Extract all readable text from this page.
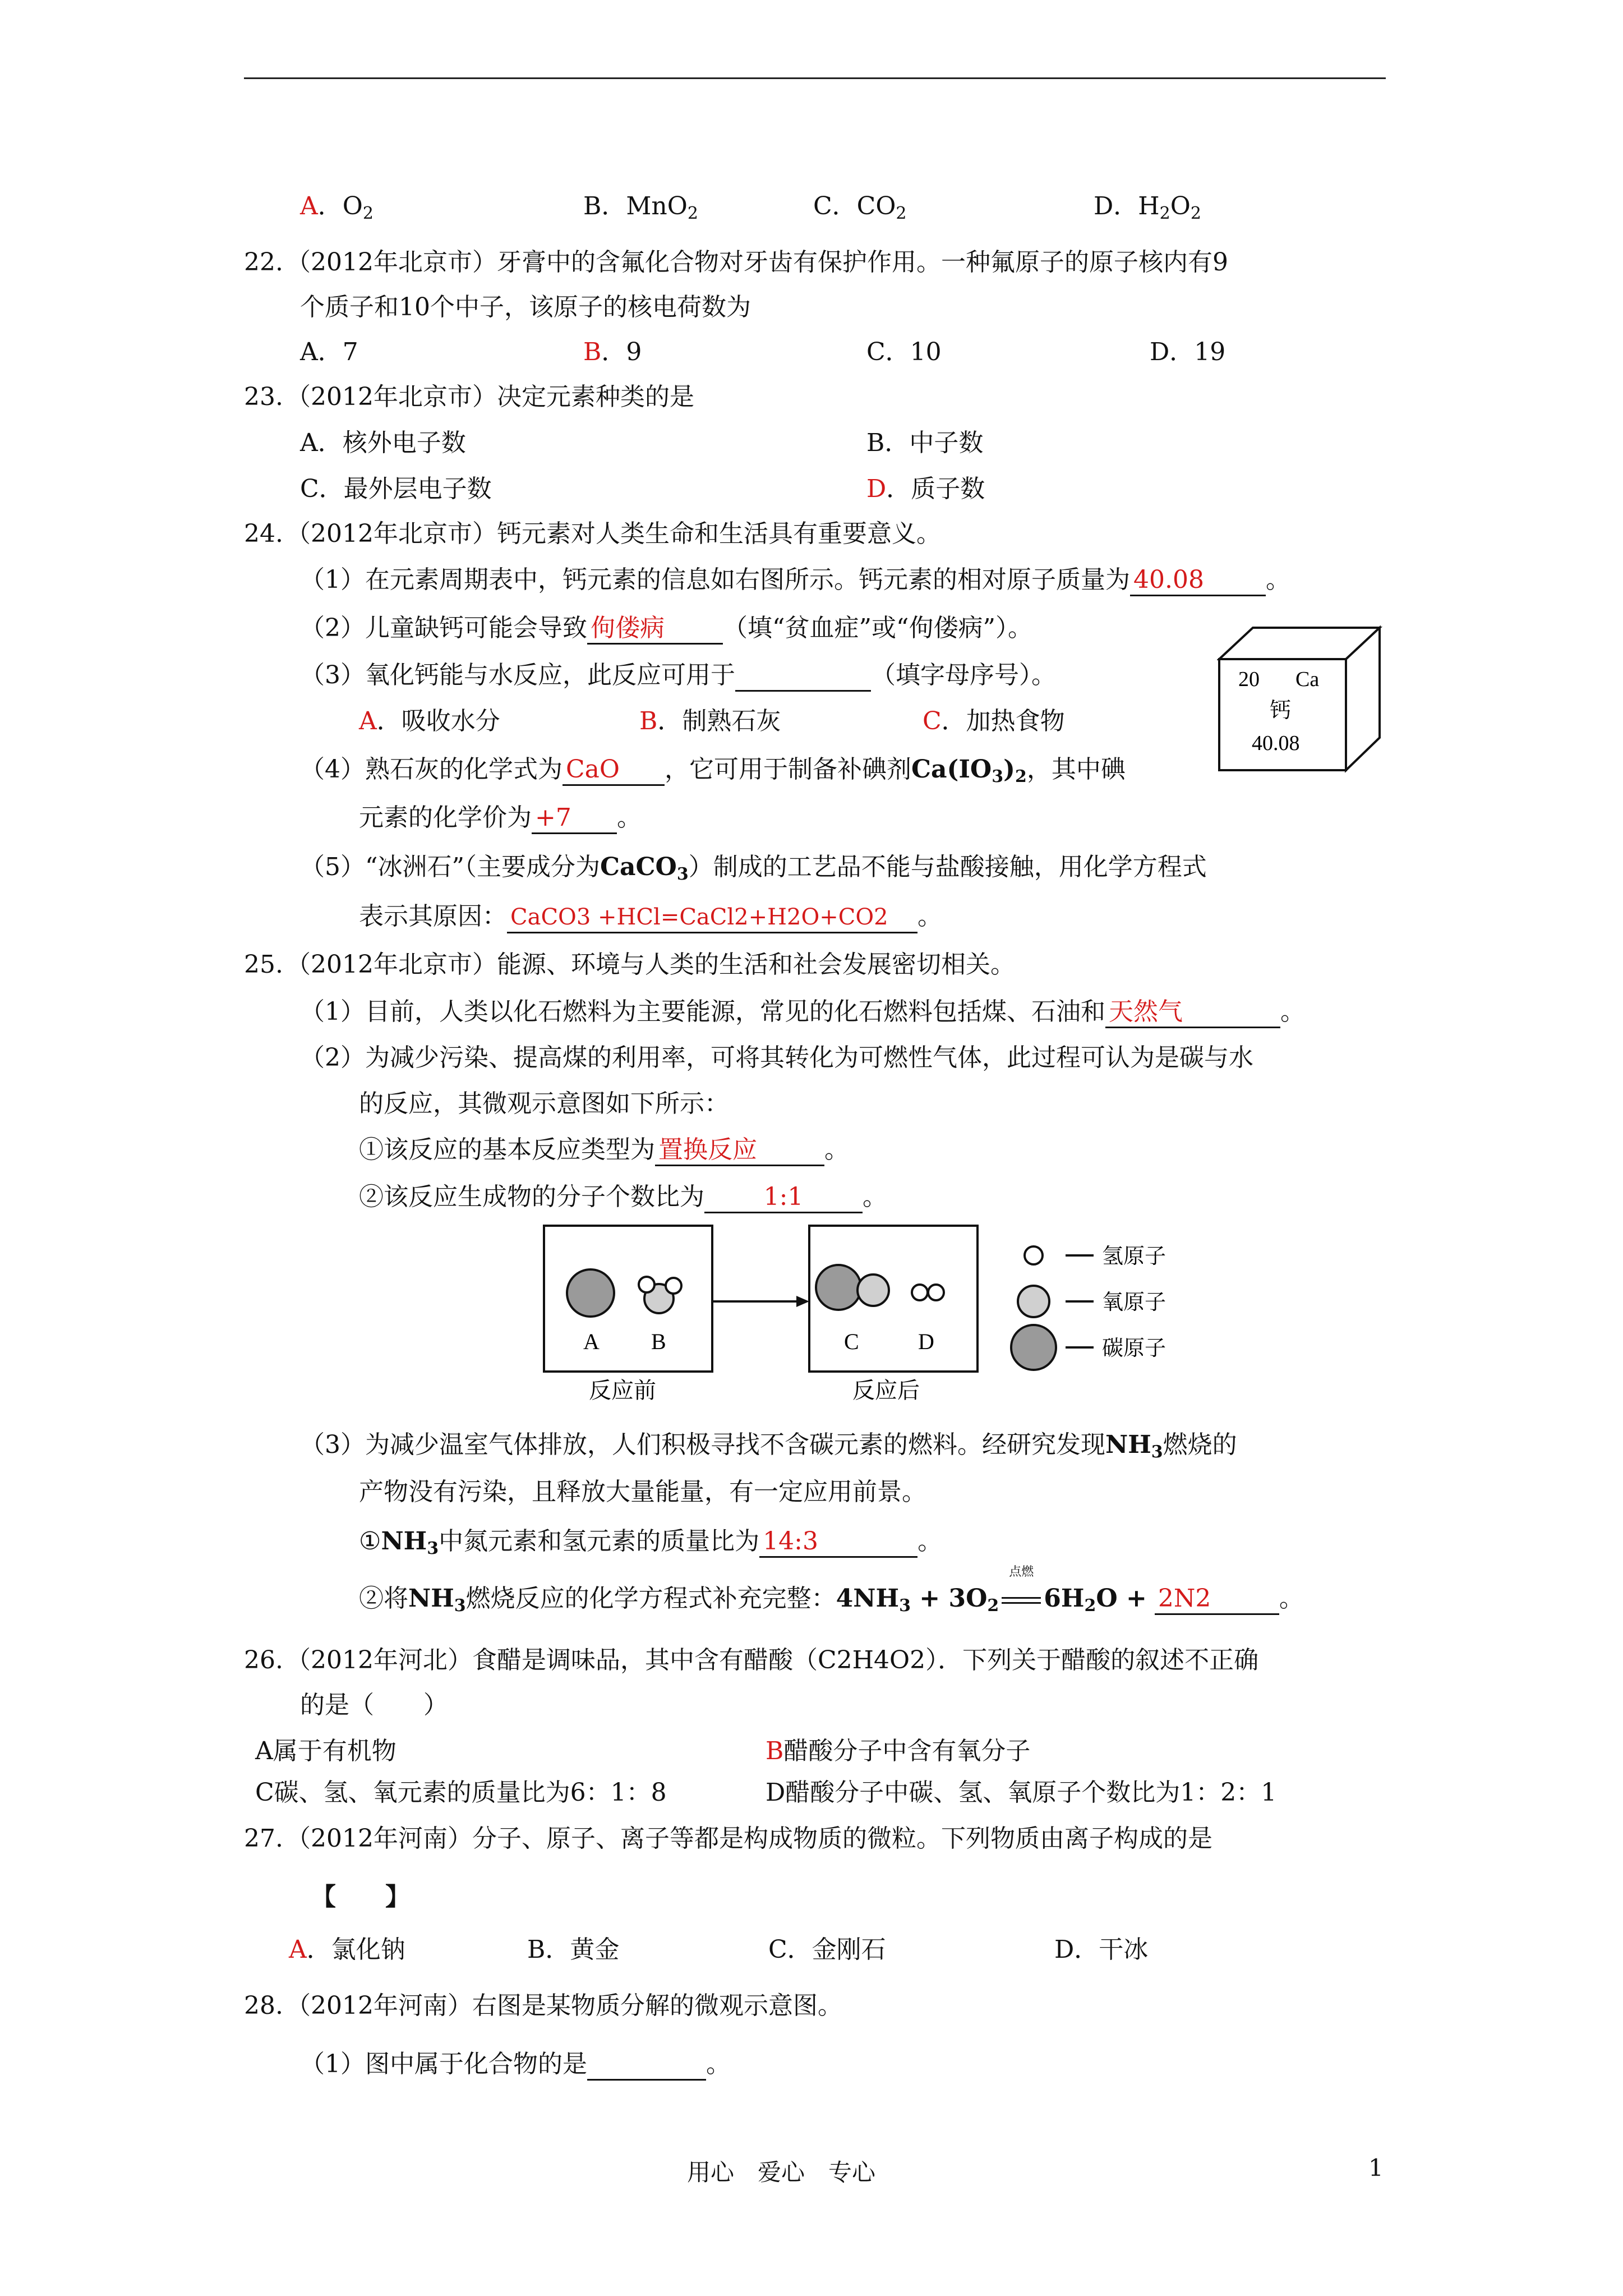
A．$O_2$	B．MnO$_2$	C．$CO_2$	D．$H_2O_2$
22. （2012年北京市）牙膏中的含氟化合物对牙齿有保护作用。一种氟原子的原子核内有9
个质子和10个中子，该原子的核电荷数为
A．7	B．9	C．10	D．19
23. （2012年北京市）决定元素种类的是
A．核外电子数	B．中子数
C．最外层电子数	D．质子数
24. （2012年北京市）钙元素对人类生命和生活具有重要意义。
（1）在元素周期表中，钙元素的信息如右图所示。钙元素的相对原子质量为 40.08	。
（2）儿童缺钙可能会导致 佝偻病 （填“贫血症”或“佝偻病”）。
（3）氧化钙能与水反应，此反应可用于	（填字母序号）。
A．吸收水分	B．制熟石灰	C．加热食物
（4）熟石灰的化学式为 CaO ，它可用于制备补碘剂$Ca(IO_3)_2$，其中碘
元素的化学价为 +7 。
（5）“冰洲石”（主要成分为CaCO$_3$）制成的工艺品不能与盐酸接触，用化学方程式
表示其原因： CaCO3 +HCl=CaCl2+H2O+CO2 。
20 Ca
钙
40.08
25. （2012年北京市）能源、环境与人类的生活和社会发展密切相关。
（1）目前，人类以化石燃料为主要能源，常见的化石燃料包括煤、石油和 天然气	。
（2）为减少污染、提高煤的利用率，可将其转化为可燃性气体，此过程可认为是碳与水
的反应，其微观示意图如下所示：
①该反应的基本反应类型为 置换反应	。
②该反应生成物的分子个数比为 1:1 。
A B
反应前
C	D
反应后
氢原子
氧原子
碳原子
（3）为减少温室气体排放，人们积极寻找不含碳元素的燃料。经研究发现$NH_3$燃烧的
产物没有污染，且释放大量能量，有一定应用前景。
$①NH_3$中氮元素和氢元素的质量比为 14:3	。
②将$NH_3$燃烧反应的化学方程式补充完整：$4NH_3 + 3O_2$
点燃
$6H_2O + 2N2$	。
26. （2012年河北）食醋是调味品，其中含有醋酸（C2H4O2）．下列关于醋酸的叙述不正确
的是（　　）
A属于有机物	B醋酸分子中含有氧分子
C碳、氢、氧元素的质量比为6：1：8	D醋酸分子中碳、氢、氧原子个数比为1：2：1
27. （2012年河南）分子、原子、离子等都是构成物质的微粒。下列物质由离子构成的是
【　　】
A．氯化钠	B．黄金	C．金刚石	D．干冰
28. （2012年河南）右图是某物质分解的微观示意图。
（1）图中属于化合物的是	。
用心　爱心　专心	1
